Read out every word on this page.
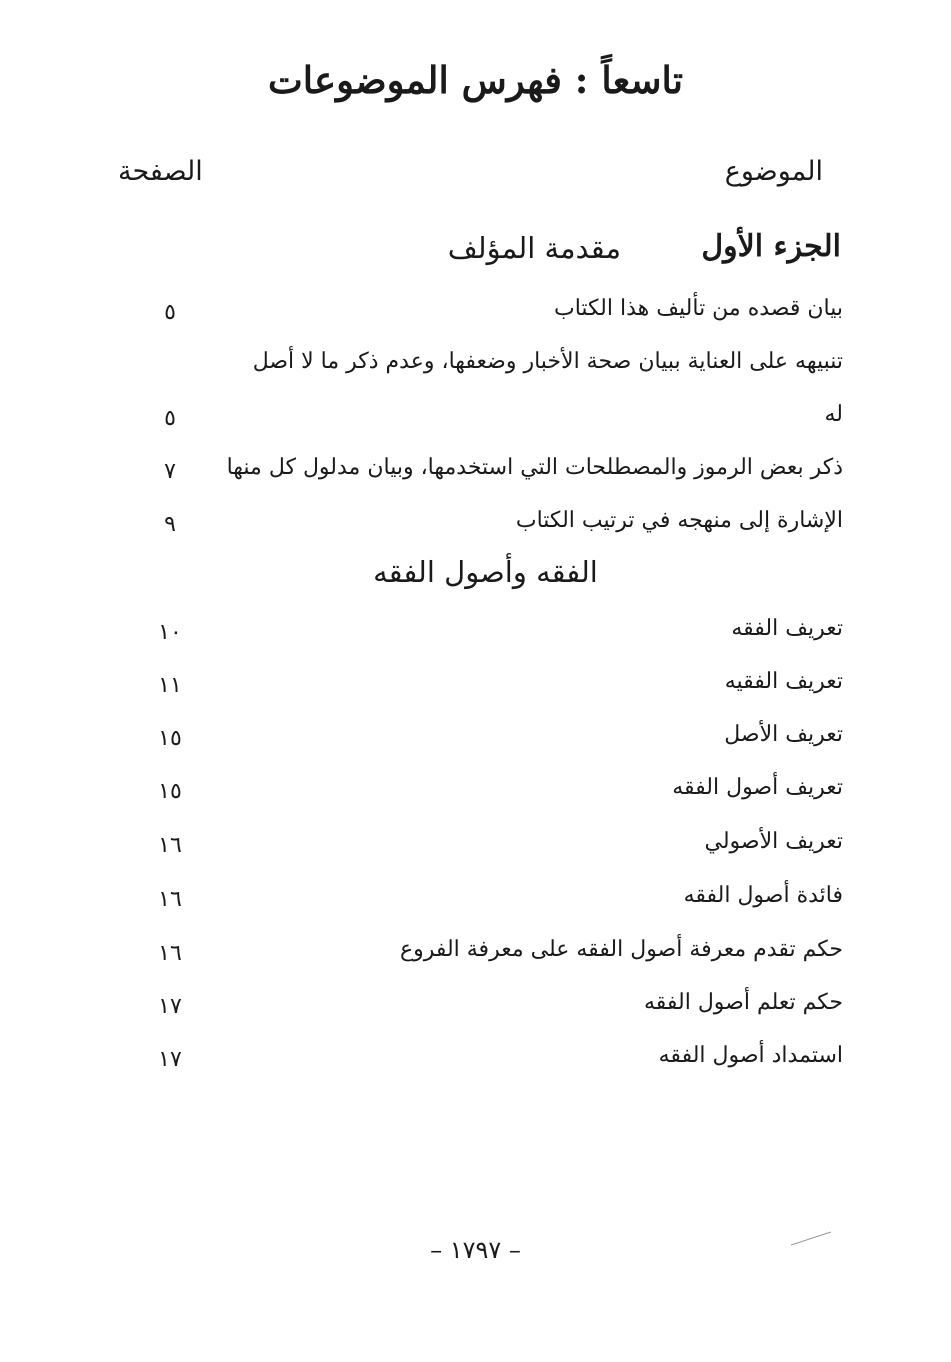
تاسعاً : فهرس الموضوعات
الموضوع
الصفحة
الجزء الأول
مقدمة المؤلف
بيان قصده من تأليف هذا الكتاب
٥
تنبيهه على العناية ببيان صحة الأخبار وضعفها، وعدم ذكر ما لا أصل
له
٥
ذكر بعض الرموز والمصطلحات التي استخدمها، وبيان مدلول كل منها
٧
الإشارة إلى منهجه في ترتيب الكتاب
٩
الفقه وأصول الفقه
تعريف الفقه
١٠
تعريف الفقيه
١١
تعريف الأصل
١٥
تعريف أصول الفقه
١٥
تعريف الأصولي
١٦
فائدة أصول الفقه
١٦
حكم تقدم معرفة أصول الفقه على معرفة الفروع
١٦
حكم تعلم أصول الفقه
١٧
استمداد أصول الفقه
١٧
– ١٧٩٧ –
